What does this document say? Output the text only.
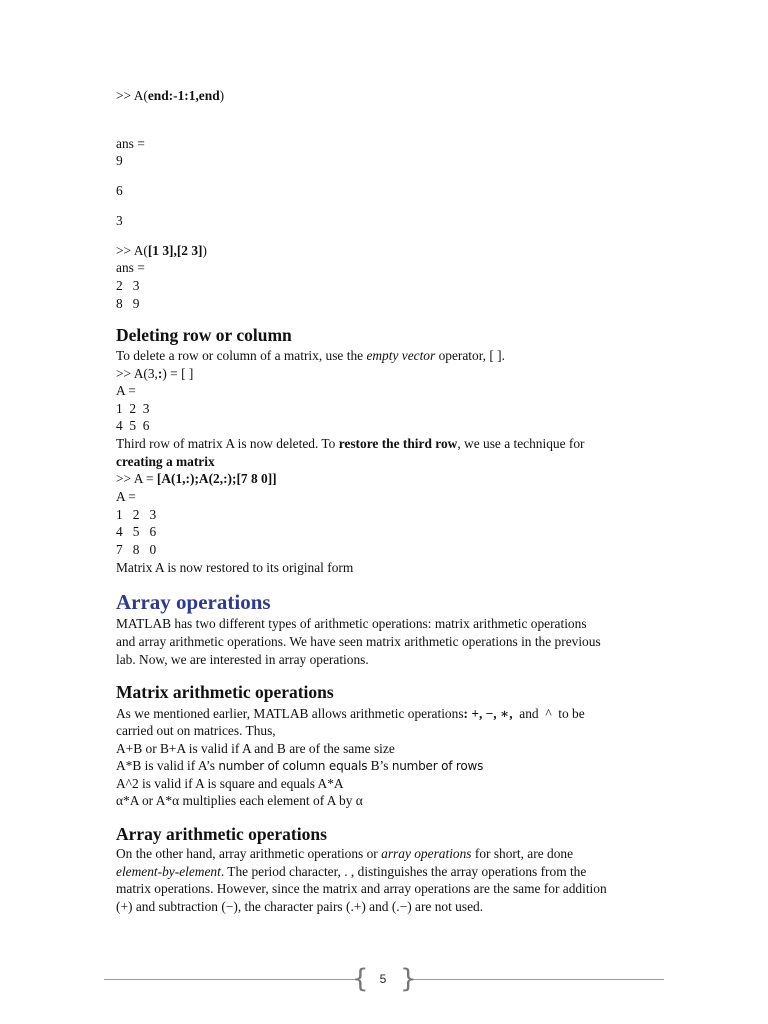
>> A(end:-1:1,end)
ans =
9
6
3
>> A([1 3],[2 3])
ans =
2   3
8   9
Deleting row or column
To delete a row or column of a matrix, use the empty vector operator, [ ].
>> A(3,:) = [ ]
A =
1  2  3
4  5  6
Third row of matrix A is now deleted. To restore the third row, we use a technique for
creating a matrix
>> A = [A(1,:);A(2,:);[7 8 0]]
A =
1   2   3
4   5   6
7   8   0
Matrix A is now restored to its original form
Array operations
MATLAB has two different types of arithmetic operations: matrix arithmetic operations
and array arithmetic operations. We have seen matrix arithmetic operations in the previous
lab. Now, we are interested in array operations.
Matrix arithmetic operations
As we mentioned earlier, MATLAB allows arithmetic operations: +, −, ∗,  and  ^  to be
carried out on matrices. Thus,
A+B or B+A is valid if A and B are of the same size
A*B is valid if A’s number of column equals B’s number of rows
A^2 is valid if A is square and equals A*A
α*A or A*α multiplies each element of A by α
Array arithmetic operations
On the other hand, array arithmetic operations or array operations for short, are done
element-by-element. The period character, . , distinguishes the array operations from the
matrix operations. However, since the matrix and array operations are the same for addition
(+) and subtraction (−), the character pairs (.+) and (.−) are not used.
{ }
5
